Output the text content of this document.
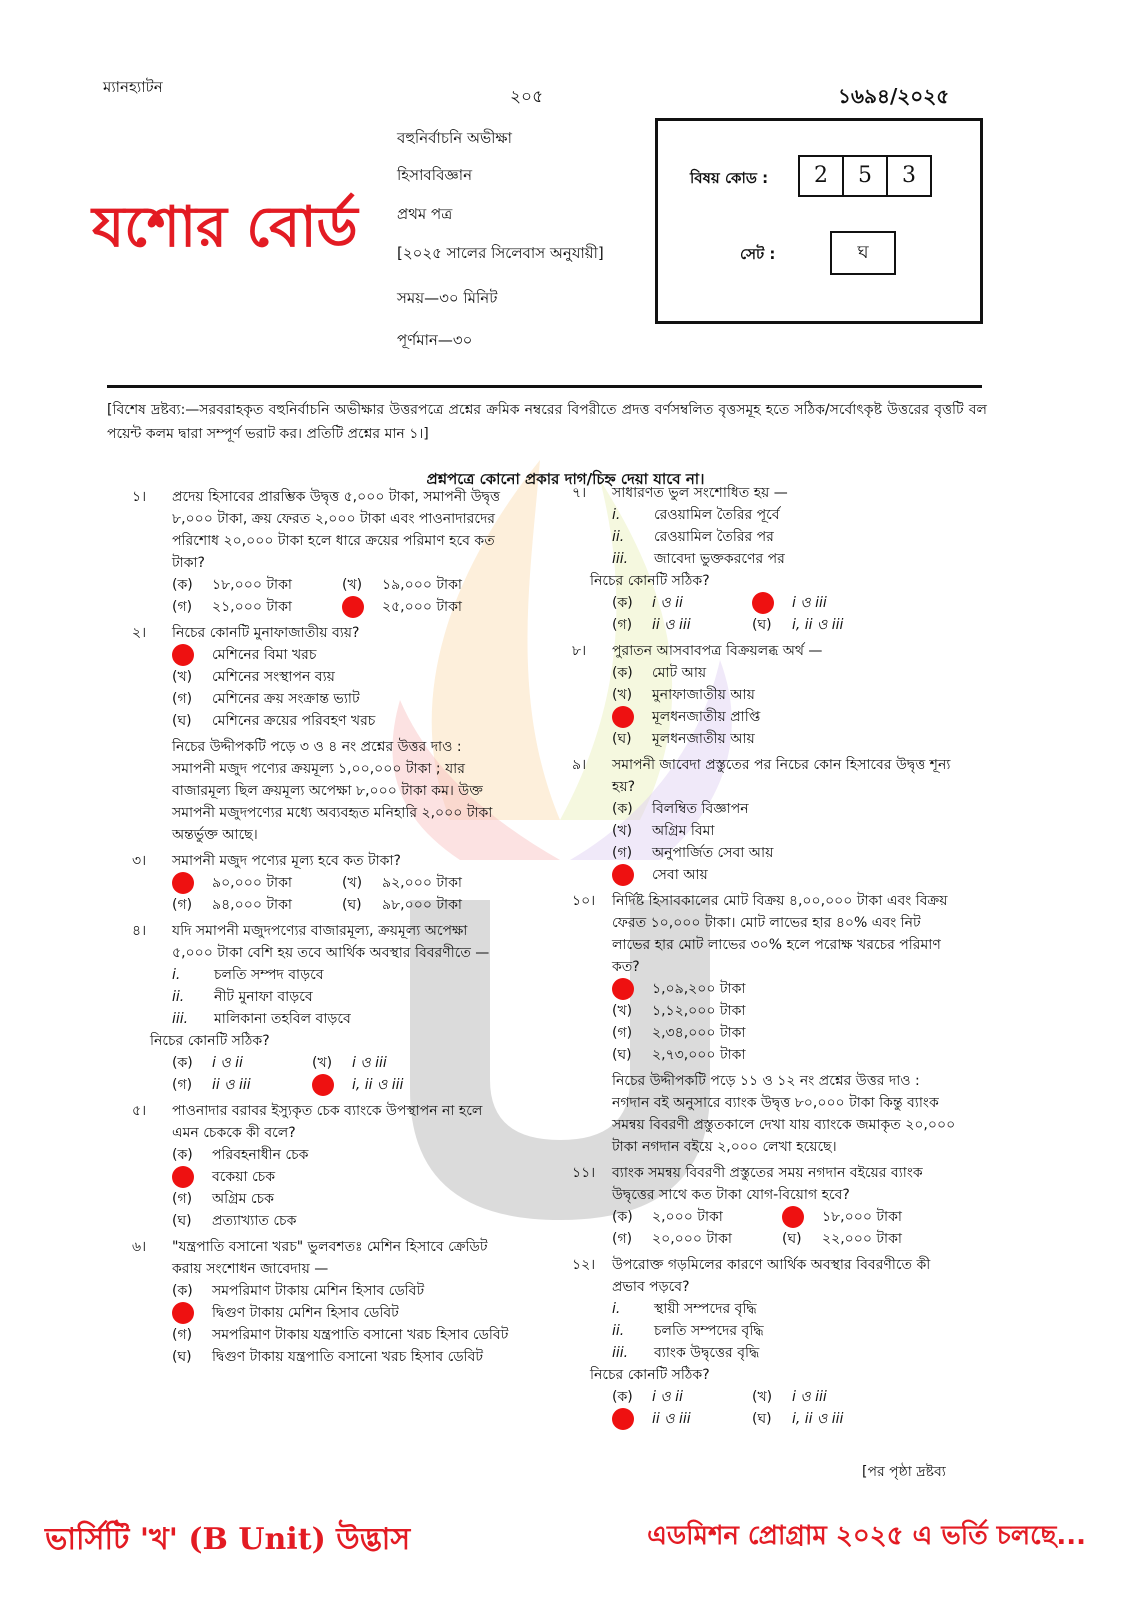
ম্যানহ্যাটন	২০৫	১৬৯৪/২০২৫
যশোর বোর্ড
বহুনির্বাচনি অভীক্ষা
হিসাববিজ্ঞান
প্রথম পত্র
[২০২৫ সালের সিলেবাস অনুযায়ী]
সময়—৩০ মিনিট
পূর্ণমান—৩০
বিষয় কোড :	2 5 3
সেট :	ঘ
[বিশেষ দ্রষ্টব্য:—সরবরাহকৃত বহুনির্বাচনি অভীক্ষার উত্তরপত্রে প্রশ্নের ক্রমিক নম্বরের বিপরীতে প্রদত্ত বর্ণসম্বলিত বৃত্তসমূহ হতে সঠিক/সর্বোৎকৃষ্ট উত্তরের বৃত্তটি বল পয়েন্ট কলম দ্বারা সম্পূর্ণ ভরাট কর। প্রতিটি প্রশ্নের মান ১।]
প্রশ্নপত্রে কোনো প্রকার দাগ/চিহ্ন দেয়া যাবে না।
১। প্রদেয় হিসাবের প্রারম্ভিক উদ্বৃত্ত ৫,০০০ টাকা, সমাপনী উদ্বৃত্ত ৮,০০০ টাকা, ক্রয় ফেরত ২,০০০ টাকা এবং পাওনাদারদের পরিশোধ ২০,০০০ টাকা হলে ধারে ক্রয়ের পরিমাণ হবে কত টাকা?
(ক)	১৮,০০০ টাকা	(খ)	১৯,০০০ টাকা
(গ)	২১,০০০ টাকা	২৫,০০০ টাকা
২। নিচের কোনটি মুনাফাজাতীয় ব্যয়?
মেশিনের বিমা খরচ
(খ)	মেশিনের সংস্থাপন ব্যয়
(গ)	মেশিনের ক্রয় সংক্রান্ত ভ্যাট
(ঘ)	মেশিনের ক্রয়ের পরিবহণ খরচ
নিচের উদ্দীপকটি পড়ে ৩ ও ৪ নং প্রশ্নের উত্তর দাও :
সমাপনী মজুদ পণ্যের ক্রয়মূল্য ১,০০,০০০ টাকা ; যার বাজারমূল্য ছিল ক্রয়মূল্য অপেক্ষা ৮,০০০ টাকা কম। উক্ত সমাপনী মজুদপণ্যের মধ্যে অব্যবহৃত মনিহারি ২,০০০ টাকা অন্তর্ভুক্ত আছে।
৩। সমাপনী মজুদ পণ্যের মূল্য হবে কত টাকা?
৯০,০০০ টাকা	(খ)	৯২,০০০ টাকা
(গ)	৯৪,০০০ টাকা	(ঘ)	৯৮,০০০ টাকা
৪। যদি সমাপনী মজুদপণ্যের বাজারমূল্য, ক্রয়মূল্য অপেক্ষা ৫,০০০ টাকা বেশি হয় তবে আর্থিক অবস্থার বিবরণীতে —
i. চলতি সম্পদ বাড়বে
ii. নীট মুনাফা বাড়বে
iii. মালিকানা তহবিল বাড়বে
নিচের কোনটি সঠিক?
(ক)	i ও ii	(খ)	i ও iii
(গ)	ii ও iii	i, ii ও iii
৫। পাওনাদার বরাবর ইস্যুকৃত চেক ব্যাংকে উপস্থাপন না হলে এমন চেককে কী বলে?
(ক)	পরিবহনাধীন চেক
বকেয়া চেক
(গ)	অগ্রিম চেক
(ঘ)	প্রত্যাখ্যাত চেক
৬। "যন্ত্রপাতি বসানো খরচ" ভুলবশতঃ মেশিন হিসাবে ক্রেডিট করায় সংশোধন জাবেদায় —
(ক)	সমপরিমাণ টাকায় মেশিন হিসাব ডেবিট
দ্বিগুণ টাকায় মেশিন হিসাব ডেবিট
(গ)	সমপরিমাণ টাকায় যন্ত্রপাতি বসানো খরচ হিসাব ডেবিট
(ঘ)	দ্বিগুণ টাকায় যন্ত্রপাতি বসানো খরচ হিসাব ডেবিট
৭। সাধারণত ভুল সংশোধিত হয় —
i. রেওয়ামিল তৈরির পূর্বে
ii. রেওয়ামিল তৈরির পর
iii. জাবেদা ভুক্তকরণের পর
নিচের কোনটি সঠিক?
(ক)	i ও ii	i ও iii
(গ)	ii ও iii	(ঘ)	i, ii ও iii
৮। পুরাতন আসবাবপত্র বিক্রয়লব্ধ অর্থ —
(ক)	মোট আয়
(খ)	মুনাফাজাতীয় আয়
মূলধনজাতীয় প্রাপ্তি
(ঘ)	মূলধনজাতীয় আয়
৯। সমাপনী জাবেদা প্রস্তুতের পর নিচের কোন হিসাবের উদ্বৃত্ত শূন্য হয়?
(ক)	বিলম্বিত বিজ্ঞাপন
(খ)	অগ্রিম বিমা
(গ)	অনুপার্জিত সেবা আয়
সেবা আয়
১০। নির্দিষ্ট হিসাবকালের মোট বিক্রয় ৪,০০,০০০ টাকা এবং বিক্রয় ফেরত ১০,০০০ টাকা। মোট লাভের হার ৪০% এবং নিট লাভের হার মোট লাভের ৩০% হলে পরোক্ষ খরচের পরিমাণ কত?
১,০৯,২০০ টাকা
(খ)	১,১২,০০০ টাকা
(গ)	২,৩৪,০০০ টাকা
(ঘ)	২,৭৩,০০০ টাকা
নিচের উদ্দীপকটি পড়ে ১১ ও ১২ নং প্রশ্নের উত্তর দাও :
নগদান বই অনুসারে ব্যাংক উদ্বৃত্ত ৮০,০০০ টাকা কিন্তু ব্যাংক সমন্বয় বিবরণী প্রস্তুতকালে দেখা যায় ব্যাংকে জমাকৃত ২০,০০০ টাকা নগদান বইয়ে ২,০০০ লেখা হয়েছে।
১১। ব্যাংক সমন্বয় বিবরণী প্রস্তুতের সময় নগদান বইয়ের ব্যাংক উদ্বৃত্তের সাথে কত টাকা যোগ-বিয়োগ হবে?
(ক)	২,০০০ টাকা	১৮,০০০ টাকা
(গ)	২০,০০০ টাকা	(ঘ)	২২,০০০ টাকা
১২। উপরোক্ত গড়মিলের কারণে আর্থিক অবস্থার বিবরণীতে কী প্রভাব পড়বে?
i. স্থায়ী সম্পদের বৃদ্ধি
ii. চলতি সম্পদের বৃদ্ধি
iii. ব্যাংক উদ্বৃত্তের বৃদ্ধি
নিচের কোনটি সঠিক?
(ক)	i ও ii	(খ)	i ও iii
ii ও iii	(ঘ)	i, ii ও iii
[পর পৃষ্ঠা দ্রষ্টব্য
ভার্সিটি 'খ' (B Unit) উদ্ভাস	এডমিশন প্রোগ্রাম ২০২৫ এ ভর্তি চলছে...
